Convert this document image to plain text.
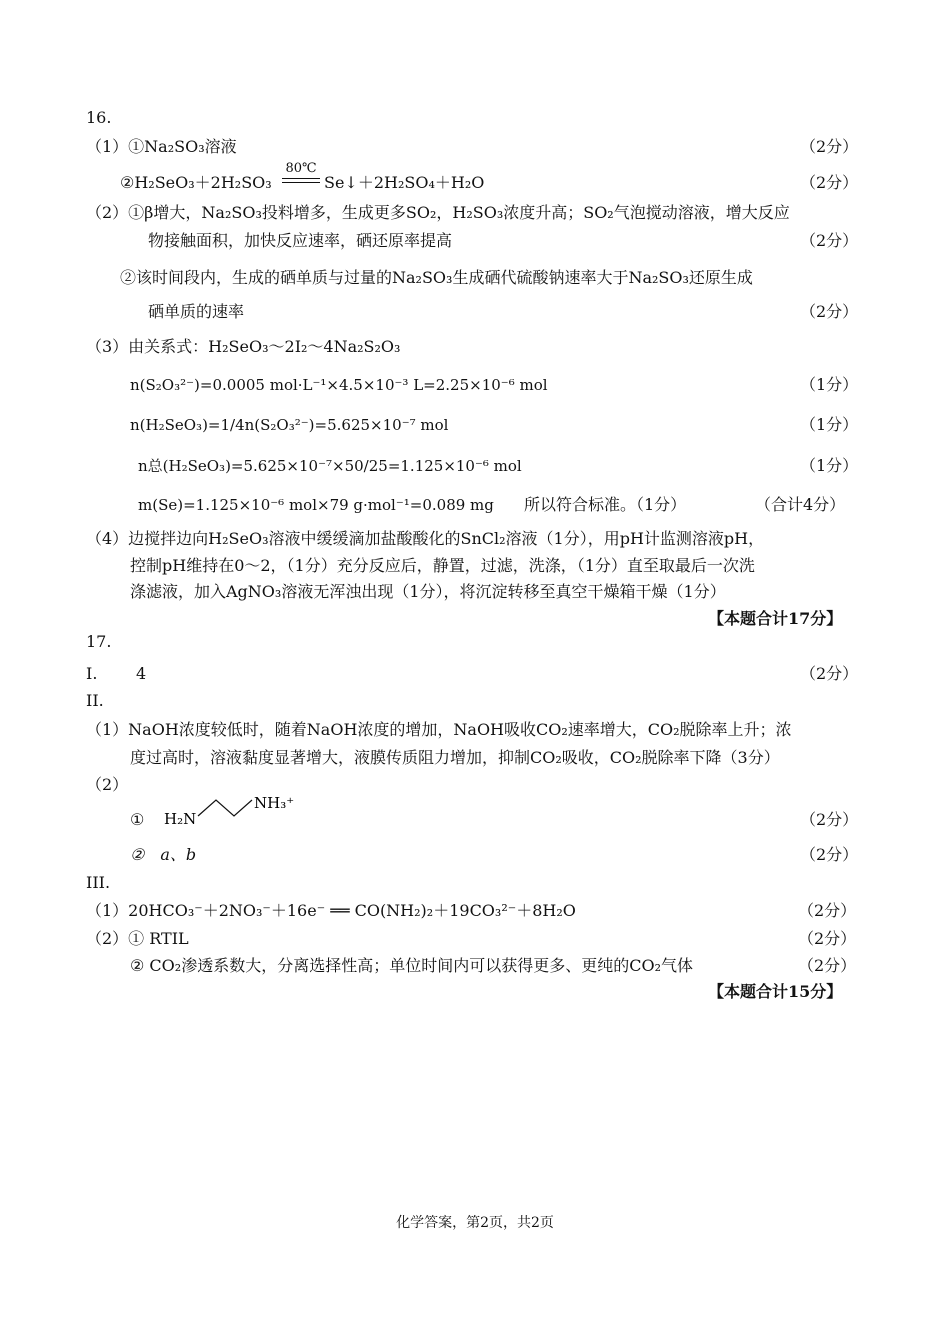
16.
（1）①Na₂SO₃溶液	（2分）
②H₂SeO₃＋2H₂SO₃
80℃
Se↓＋2H₂SO₄＋H₂O	（2分）
（2）①β增大，Na₂SO₃投料增多，生成更多SO₂，H₂SO₃浓度升高；SO₂气泡搅动溶液，增大反应
物接触面积，加快反应速率，硒还原率提高	（2分）
②该时间段内，生成的硒单质与过量的Na₂SO₃生成硒代硫酸钠速率大于Na₂SO₃还原生成
硒单质的速率	（2分）
（3）由关系式：H₂SeO₃～2I₂～4Na₂S₂O₃
n(S₂O₃²⁻)=0.0005 mol·L⁻¹×4.5×10⁻³ L=2.25×10⁻⁶ mol	（1分）
n(H₂SeO₃)=1/4n(S₂O₃²⁻)=5.625×10⁻⁷ mol	（1分）
n总(H₂SeO₃)=5.625×10⁻⁷×50/25=1.125×10⁻⁶ mol	（1分）
m(Se)=1.125×10⁻⁶ mol×79 g·mol⁻¹=0.089 mg 所以符合标准。（1分）	（合计4分）
（4）边搅拌边向H₂SeO₃溶液中缓缓滴加盐酸酸化的SnCl₂溶液（1分），用pH计监测溶液pH，
控制pH维持在0～2，（1分）充分反应后，静置，过滤，洗涤，（1分）直至取最后一次洗
涤滤液，加入AgNO₃溶液无浑浊出现（1分），将沉淀转移至真空干燥箱干燥（1分）
【本题合计17分】
17.
I. 4	（2分）
II.
（1）NaOH浓度较低时，随着NaOH浓度的增加，NaOH吸收CO₂速率增大，CO₂脱除率上升；浓
度过高时，溶液黏度显著增大，液膜传质阻力增加，抑制CO₂吸收，CO₂脱除率下降（3分）
（2）
① H₂N
NH₃⁺
（2分）
②　a、b	（2分）
III.
（1）20HCO₃⁻＋2NO₃⁻＋16e⁻ ══ CO(NH₂)₂＋19CO₃²⁻＋8H₂O	（2分）
（2）① RTIL	（2分）
② CO₂渗透系数大，分离选择性高；单位时间内可以获得更多、更纯的CO₂气体	（2分）
【本题合计15分】
化学答案，第2页，共2页
